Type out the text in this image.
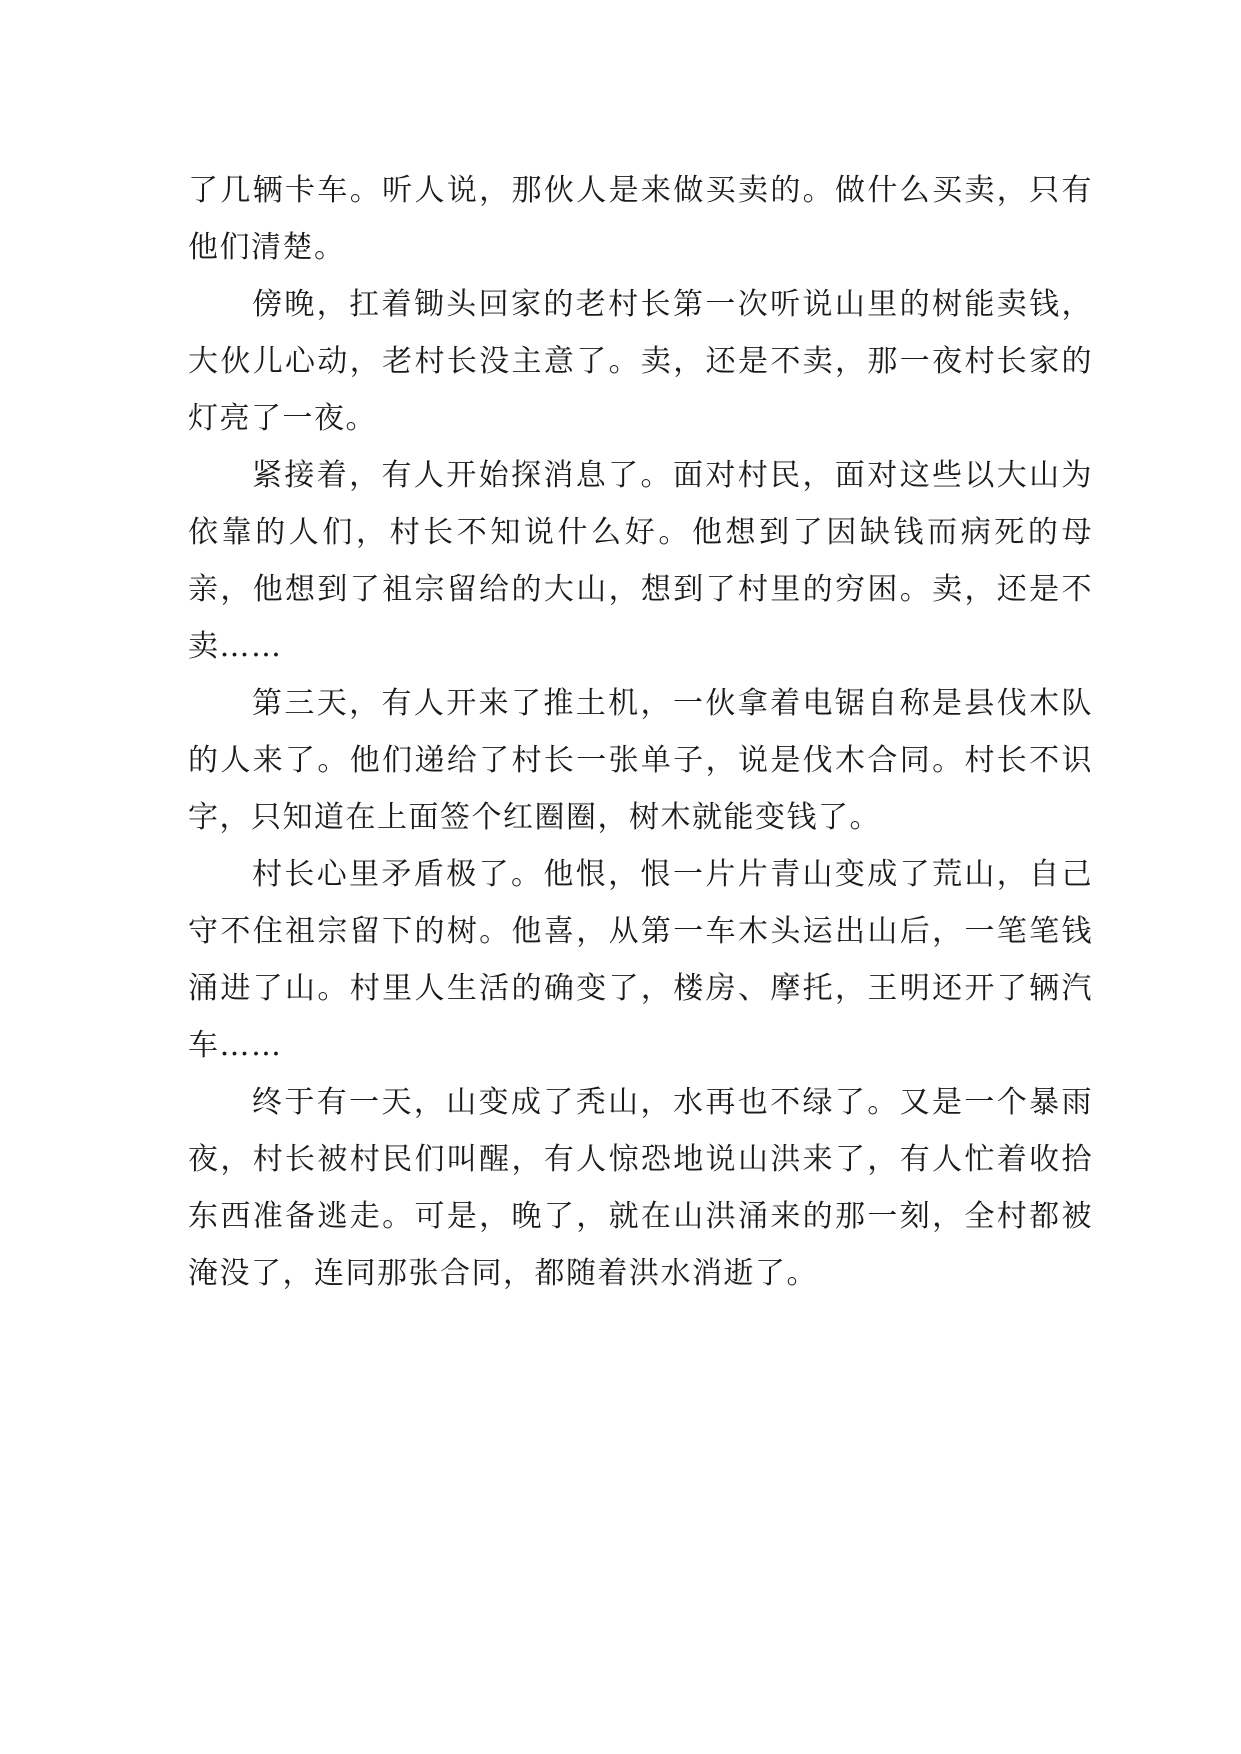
了几辆卡车。听人说，那伙人是来做买卖的。做什么买卖，只有他们清楚。

傍晚，扛着锄头回家的老村长第一次听说山里的树能卖钱，大伙儿心动，老村长没主意了。卖，还是不卖，那一夜村长家的灯亮了一夜。

紧接着，有人开始探消息了。面对村民，面对这些以大山为依靠的人们，村长不知说什么好。他想到了因缺钱而病死的母亲，他想到了祖宗留给的大山，想到了村里的穷困。卖，还是不卖……

第三天，有人开来了推土机，一伙拿着电锯自称是县伐木队的人来了。他们递给了村长一张单子，说是伐木合同。村长不识字，只知道在上面签个红圈圈，树木就能变钱了。

村长心里矛盾极了。他恨，恨一片片青山变成了荒山，自己守不住祖宗留下的树。他喜，从第一车木头运出山后，一笔笔钱涌进了山。村里人生活的确变了，楼房、摩托，王明还开了辆汽车……

终于有一天，山变成了秃山，水再也不绿了。又是一个暴雨夜，村长被村民们叫醒，有人惊恐地说山洪来了，有人忙着收拾东西准备逃走。可是，晚了，就在山洪涌来的那一刻，全村都被淹没了，连同那张合同，都随着洪水消逝了。
